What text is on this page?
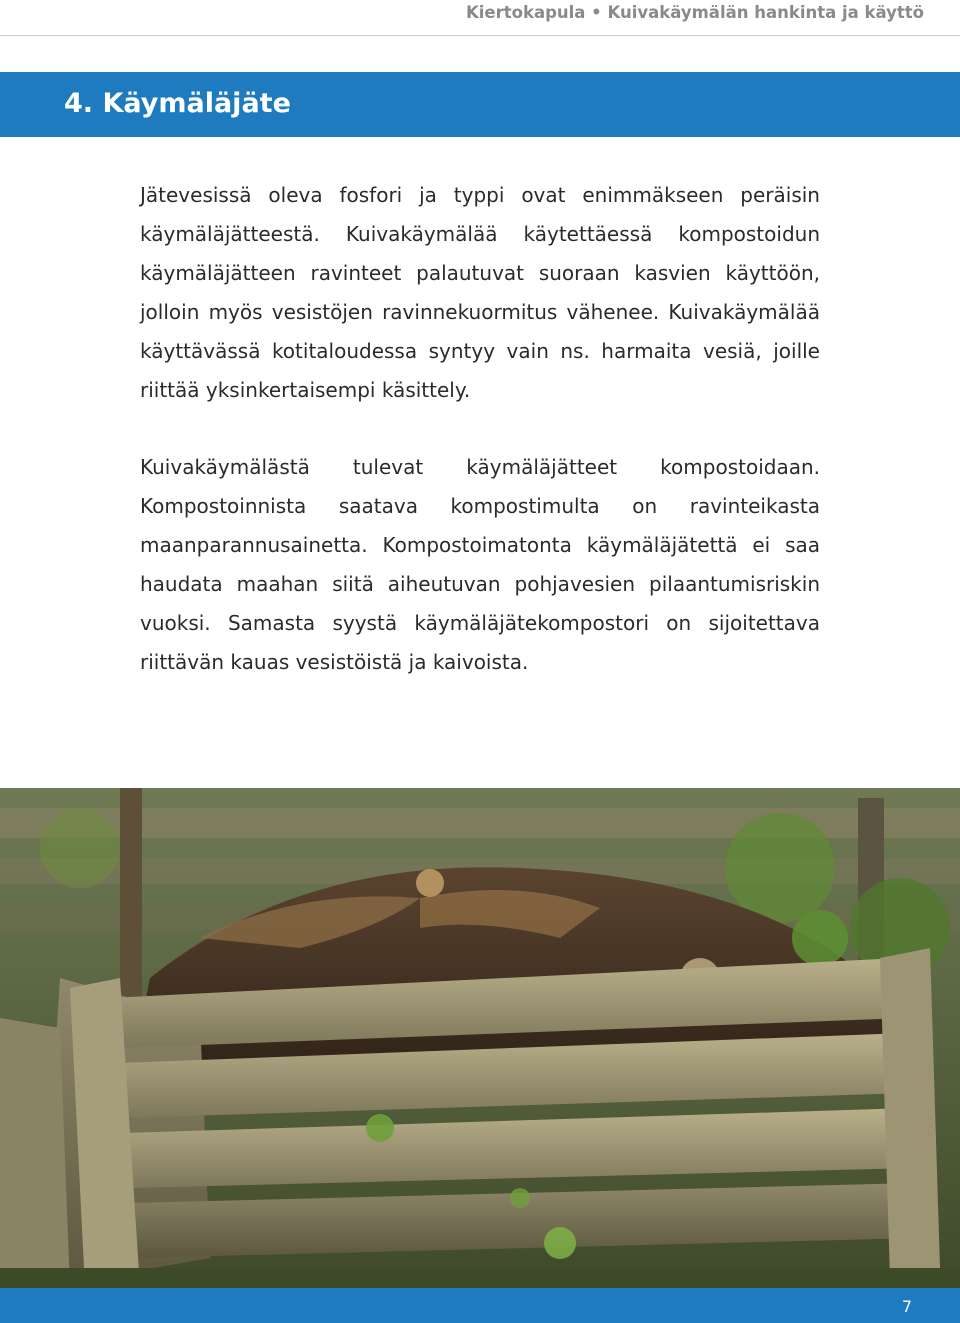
Kiertokapula • Kuivakäymälän hankinta ja käyttö
4. Käymäläjäte

Jätevesissä oleva fosfori ja typpi ovat enimmäkseen peräisin käymäläjätteestä. Kuivakäymälää käytettäessä kompostoidun käymäläjätteen ravinteet palautuvat suoraan kasvien käyttöön, jolloin myös vesistöjen ravinnekuormitus vähenee. Kuivakäymälää käyttävässä kotitaloudessa syntyy vain ns. harmaita vesiä, joille riittää yksinkertaisempi käsittely.

Kuivakäymälästä tulevat käymäläjätteet kompostoidaan. Kompostoinnista saatava kompostimulta on ravinteikasta maanparannusainetta. Kompostoimatonta käymäläjätettä ei saa haudata maahan siitä aiheutuvan pohjavesien pilaantumisriskin vuoksi. Samasta syystä käymäläjätekompostori on sijoitettava riittävän kauas vesistöistä ja kaivoista.

7
